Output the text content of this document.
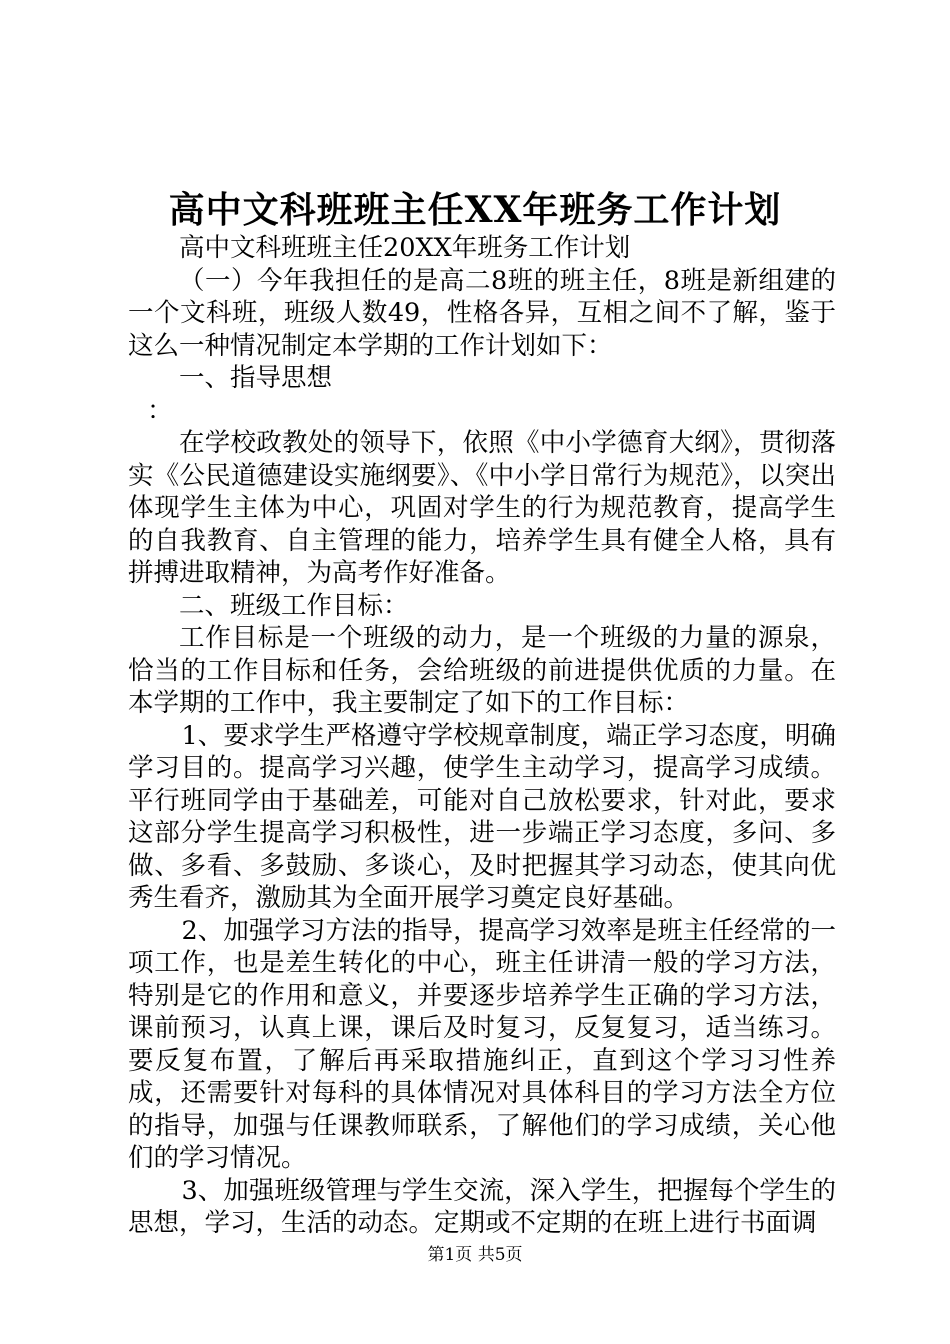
高中文科班班主任XX年班务工作计划

高中文科班班主任20XX年班务工作计划

（一）今年我担任的是高二8班的班主任，8班是新组建的一个文科班，班级人数49，性格各异，互相之间不了解，鉴于这么一种情况制定本学期的工作计划如下：

一、指导思想

：

在学校政教处的领导下，依照《中小学德育大纲》，贯彻落实《公民道德建设实施纲要》、《中小学日常行为规范》，以突出体现学生主体为中心，巩固对学生的行为规范教育，提高学生的自我教育、自主管理的能力，培养学生具有健全人格，具有拼搏进取精神，为高考作好准备。

二、班级工作目标：

工作目标是一个班级的动力，是一个班级的力量的源泉，恰当的工作目标和任务，会给班级的前进提供优质的力量。在本学期的工作中，我主要制定了如下的工作目标：

1、要求学生严格遵守学校规章制度，端正学习态度，明确学习目的。提高学习兴趣，使学生主动学习，提高学习成绩。平行班同学由于基础差，可能对自己放松要求，针对此，要求这部分学生提高学习积极性，进一步端正学习态度，多问、多做、多看、多鼓励、多谈心，及时把握其学习动态，使其向优秀生看齐，激励其为全面开展学习奠定良好基础。

2、加强学习方法的指导，提高学习效率是班主任经常的一项工作，也是差生转化的中心，班主任讲清一般的学习方法，特别是它的作用和意义，并要逐步培养学生正确的学习方法，课前预习，认真上课，课后及时复习，反复复习，适当练习。要反复布置，了解后再采取措施纠正，直到这个学习习性养成，还需要针对每科的具体情况对具体科目的学习方法全方位的指导，加强与任课教师联系，了解他们的学习成绩，关心他们的学习情况。

3、加强班级管理与学生交流，深入学生，把握每个学生的思想，学习，生活的动态。定期或不定期的在班上进行书面调

第1页 共5页
